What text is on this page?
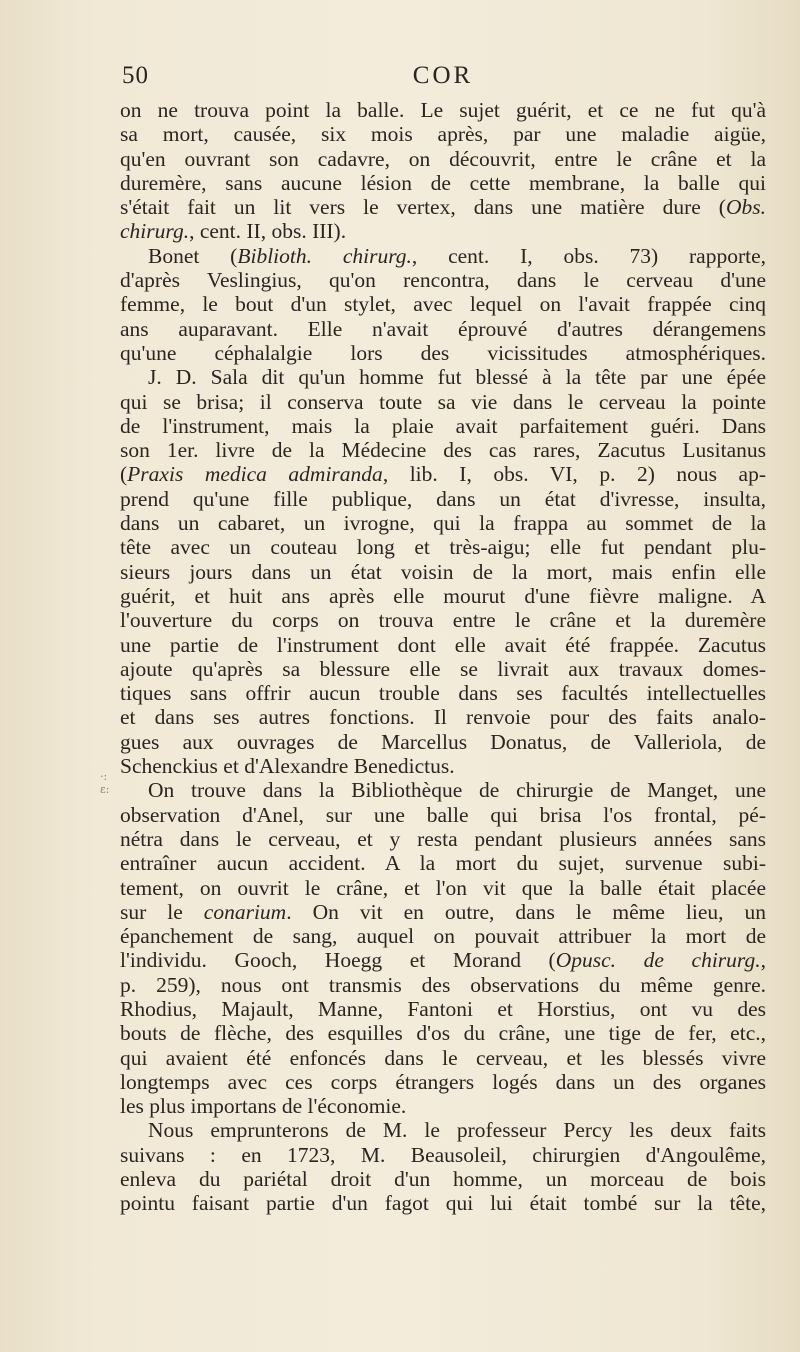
50	COR
·:
ε:
on ne trouva point la balle. Le sujet guérit, et ce ne fut qu'à
sa mort, causée, six mois après, par une maladie aigüe,
qu'en ouvrant son cadavre, on découvrit, entre le crâne et la
duremère, sans aucune lésion de cette membrane, la balle qui
s'était fait un lit vers le vertex, dans une matière dure (Obs.
chirurg., cent. II, obs. III).
Bonet (Biblioth. chirurg., cent. I, obs. 73) rapporte,
d'après Veslingius, qu'on rencontra, dans le cerveau d'une
femme, le bout d'un stylet, avec lequel on l'avait frappée cinq
ans auparavant. Elle n'avait éprouvé d'autres dérangemens
qu'une céphalalgie lors des vicissitudes atmosphériques.
J. D. Sala dit qu'un homme fut blessé à la tête par une épée
qui se brisa; il conserva toute sa vie dans le cerveau la pointe
de l'instrument, mais la plaie avait parfaitement guéri. Dans
son 1er. livre de la Médecine des cas rares, Zacutus Lusitanus
(Praxis medica admiranda, lib. I, obs. VI, p. 2) nous ap-
prend qu'une fille publique, dans un état d'ivresse, insulta,
dans un cabaret, un ivrogne, qui la frappa au sommet de la
tête avec un couteau long et très-aigu; elle fut pendant plu-
sieurs jours dans un état voisin de la mort, mais enfin elle
guérit, et huit ans après elle mourut d'une fièvre maligne. A
l'ouverture du corps on trouva entre le crâne et la duremère
une partie de l'instrument dont elle avait été frappée. Zacutus
ajoute qu'après sa blessure elle se livrait aux travaux domes-
tiques sans offrir aucun trouble dans ses facultés intellectuelles
et dans ses autres fonctions. Il renvoie pour des faits analo-
gues aux ouvrages de Marcellus Donatus, de Valleriola, de
Schenckius et d'Alexandre Benedictus.
On trouve dans la Bibliothèque de chirurgie de Manget, une
observation d'Anel, sur une balle qui brisa l'os frontal, pé-
nétra dans le cerveau, et y resta pendant plusieurs années sans
entraîner aucun accident. A la mort du sujet, survenue subi-
tement, on ouvrit le crâne, et l'on vit que la balle était placée
sur le conarium. On vit en outre, dans le même lieu, un
épanchement de sang, auquel on pouvait attribuer la mort de
l'individu. Gooch, Hoegg et Morand (Opusc. de chirurg.,
p. 259), nous ont transmis des observations du même genre.
Rhodius, Majault, Manne, Fantoni et Horstius, ont vu des
bouts de flèche, des esquilles d'os du crâne, une tige de fer, etc.,
qui avaient été enfoncés dans le cerveau, et les blessés vivre
longtemps avec ces corps étrangers logés dans un des organes
les plus importans de l'économie.
Nous emprunterons de M. le professeur Percy les deux faits
suivans : en 1723, M. Beausoleil, chirurgien d'Angoulême,
enleva du pariétal droit d'un homme, un morceau de bois
pointu faisant partie d'un fagot qui lui était tombé sur la tête,
